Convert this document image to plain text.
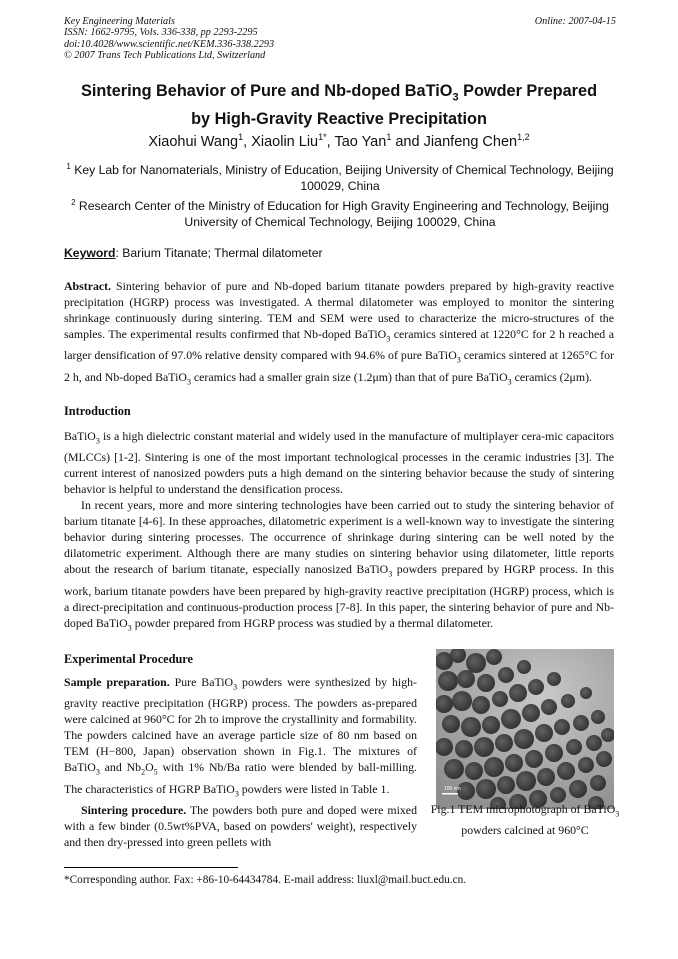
Key Engineering Materials
ISSN: 1662-9795, Vols. 336-338, pp 2293-2295
doi:10.4028/www.scientific.net/KEM.336-338.2293
© 2007 Trans Tech Publications Ltd, Switzerland
Online: 2007-04-15
Sintering Behavior of Pure and Nb-doped BaTiO$_3$ Powder Prepared
by High-Gravity Reactive Precipitation
Xiaohui Wang$^1$, Xiaolin Liu$^{1*}$, Tao Yan$^1$ and Jianfeng Chen$^{1,2}$
$^1$ Key Lab for Nanomaterials, Ministry of Education, Beijing University of Chemical Technology, Beijing 100029, China
$^2$ Research Center of the Ministry of Education for High Gravity Engineering and Technology, Beijing University of Chemical Technology, Beijing 100029, China
Keyword: Barium Titanate; Thermal dilatometer

Abstract. Sintering behavior of pure and Nb-doped barium titanate powders prepared by high-gravity reactive precipitation (HGRP) process was investigated. A thermal dilatometer was employed to monitor the sintering shrinkage continuously during sintering. TEM and SEM were used to characterize the micro-structures of the samples. The experimental results confirmed that Nb-doped BaTiO$_3$ ceramics sintered at 1220°C for 2 h reached a larger densification of 97.0% relative density compared with 94.6% of pure BaTiO$_3$ ceramics sintered at 1265°C for 2 h, and Nb-doped BaTiO$_3$ ceramics had a smaller grain size (1.2μm) than that of pure BaTiO$_3$ ceramics (2μm).

Introduction

BaTiO$_3$ is a high dielectric constant material and widely used in the manufacture of multiplayer cera-mic capacitors (MLCCs) [1-2]. Sintering is one of the most important technological processes in the ceramic industries [3]. The current interest of nanosized powders puts a high demand on the sintering behavior because the study of sintering behavior is helpful to understand the densification process.

In recent years, more and more sintering technologies have been carried out to study the sintering behavior of barium titanate [4-6]. In these approaches, dilatometric experiment is a well-known way to investigate the sintering behavior during sintering processes. The occurrence of shrinkage during sintering can be well noted by the dilatometric experiment. Although there are many studies on sintering behavior using dilatometer, little reports about the research of barium titanate, especially nanosized BaTiO$_3$ powders prepared by HGRP process. In this work, barium titanate powders have been prepared by high-gravity reactive precipitation (HGRP) process, which is a direct-precipitation and continuous-production process [7-8]. In this paper, the sintering behavior of pure and Nb-doped BaTiO$_3$ powder prepared from HGRP process was studied by a thermal dilatometer.

Experimental Procedure

Sample preparation. Pure BaTiO$_3$ powders were synthesized by high-gravity reactive precipitation (HGRP) process. The powders as-prepared were calcined at 960°C for 2h to improve the crystallinity and formability. The powders calcined have an average particle size of 80 nm based on TEM (H−800, Japan) observation shown in Fig.1. The mixtures of BaTiO$_3$ and $Nb_2O_5$ with 1% Nb/Ba ratio were blended by ball-milling. The characteristics of HGRP BaTiO$_3$ powders were listed in Table 1.

Sintering procedure. The powders both pure and doped were mixed with a few binder (0.5wt%PVA, based on powders' weight), respectively and then dry-pressed into green pellets with

100 nm
Fig.1 TEM microphotograph of BaTiO$_3$ powders calcined at 960°C
*Corresponding author. Fax: +86-10-64434784. E-mail address: liuxl@mail.buct.edu.cn.
